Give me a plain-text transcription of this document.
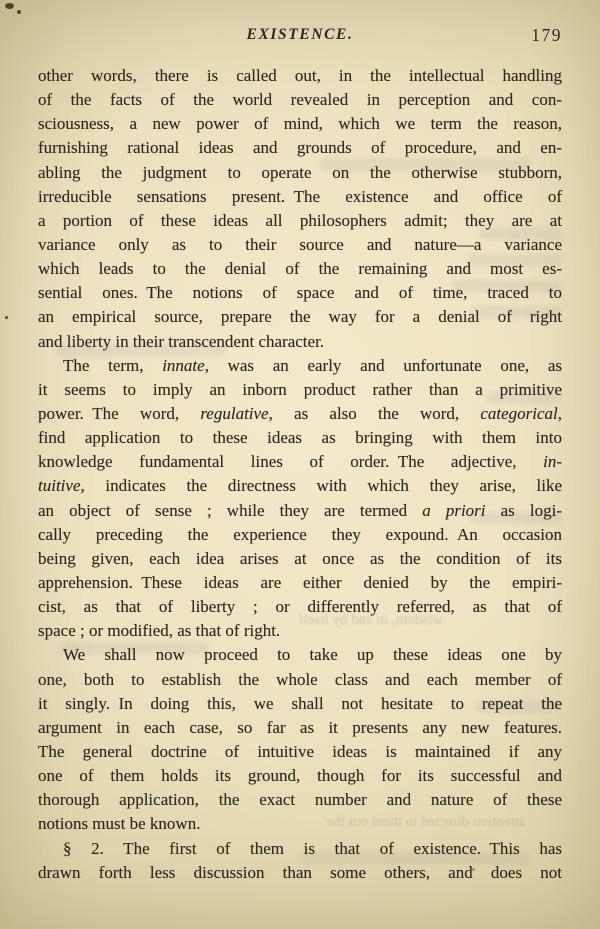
wisdom, in and by itself
attention directed to them out the
EXISTENCE.	179
other words, there is called out, in the intellectual handling
of the facts of the world revealed in perception and con-
sciousness, a new power of mind, which we term the reason,
furnishing rational ideas and grounds of procedure, and en-
abling the judgment to operate on the otherwise stubborn,
irreducible sensations present. The existence and office of
a portion of these ideas all philosophers admit; they are at
variance only as to their source and nature—a variance
which leads to the denial of the remaining and most es-
sential ones. The notions of space and of time, traced to
an empirical source, prepare the way for a denial of right
and liberty in their transcendent character.
The term, innate, was an early and unfortunate one, as
it seems to imply an inborn product rather than a primitive
power. The word, regulative, as also the word, categorical,
find application to these ideas as bringing with them into
knowledge fundamental lines of order. The adjective, in-
tuitive, indicates the directness with which they arise, like
an object of sense ; while they are termed a priori as logi-
cally preceding the experience they expound. An occasion
being given, each idea arises at once as the condition of its
apprehension. These ideas are either denied by the empiri-
cist, as that of liberty ; or differently referred, as that of
space ; or modified, as that of right.
We shall now proceed to take up these ideas one by
one, both to establish the whole class and each member of
it singly. In doing this, we shall not hesitate to repeat the
argument in each case, so far as it presents any new features.
The general doctrine of intuitive ideas is maintained if any
one of them holds its ground, though for its successful and
thorough application, the exact number and nature of these
notions must be known.
§ 2. The first of them is that of existence. This has
drawn forth less discussion than some others, and does not
